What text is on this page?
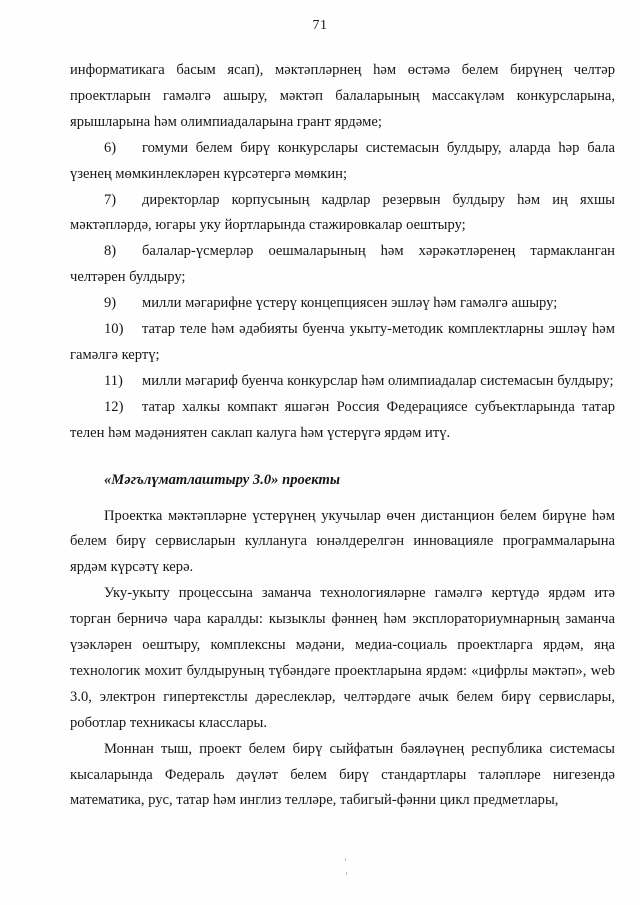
71

информатикага басым ясап), мәктәпләрнең һәм өстәмә белем бирүнең челтәр проектларын гамәлгә ашыру, мәктәп балаларының массакүләм конкурсларына, ярышларына һәм олимпиадаларына грант ярдәме;

6) гомуми белем бирү конкурслары системасын булдыру, аларда һәр бала үзенең мөмкинлекләрен күрсәтергә мөмкин;

7) директорлар корпусының кадрлар резервын булдыру һәм иң яхшы мәктәпләрдә, югары уку йортларында стажировкалар оештыру;

8) балалар-үсмерләр оешмаларының һәм хәрәкәтләренең тармакланган челтәрен булдыру;

9) милли мәгарифне үстерү концепциясен эшләү һәм гамәлгә ашыру;

10) татар теле һәм әдәбияты буенча укыту-методик комплектларны эшләү һәм гамәлгә кертү;

11) милли мәгариф буенча конкурслар һәм олимпиадалар системасын булдыру;

12) татар халкы компакт яшәгән Россия Федерациясе субъектларында татар телен һәм мәдәниятен саклап калуга һәм үстерүгә ярдәм итү.

«Мәгълүматлаштыру 3.0» проекты

Проектка мәктәпләрне үстерүнең укучылар өчен дистанцион белем бирүне һәм белем бирү сервисларын куллануга юнәлдерелгән инновацияле программаларына ярдәм күрсәтү керә.

Уку-укыту процессына заманча технологияләрне гамәлгә кертүдә ярдәм итә торган берничә чара каралды: кызыклы фәннең һәм эксплораториумнарның заманча үзәкләрен оештыру, комплексны мәдәни, медиа-социаль проектларга ярдәм, яңа технологик мохит булдыруның түбәндәге проектларына ярдәм: «цифрлы мәктәп», web 3.0, электрон гипертекстлы дәреслекләр, челтәрдәге ачык белем бирү сервислары, роботлар техникасы класслары.

Моннан тыш, проект белем бирү сыйфатын бәяләүнең республика системасы кысаларында Федераль дәүләт белем бирү стандартлары таләпләре нигезендә математика, рус, татар һәм инглиз телләре, табигый-фәнни цикл предметлары,
